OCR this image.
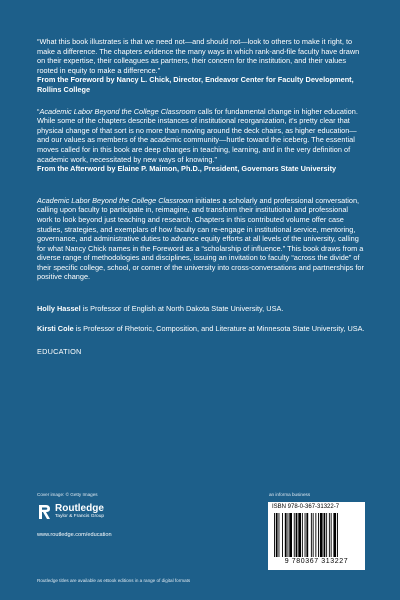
“What this book illustrates is that we need not—and should not—look to others to make it right, to make a difference. The chapters evidence the many ways in which rank-and-file faculty have drawn on their expertise, their colleagues as partners, their concern for the institution, and their values rooted in equity to make a difference.”

From the Foreword by Nancy L. Chick, Director, Endeavor Center for Faculty Development, Rollins College

“Academic Labor Beyond the College Classroom calls for fundamental change in higher education. While some of the chapters describe instances of institutional reorganization, it's pretty clear that physical change of that sort is no more than moving around the deck chairs, as higher education—and our values as members of the academic community—hurtle toward the iceberg. The essential moves called for in this book are deep changes in teaching, learning, and in the very definition of academic work, necessitated by new ways of knowing.”

From the Afterword by Elaine P. Maimon, Ph.D., President, Governors State University

Academic Labor Beyond the College Classroom initiates a scholarly and professional conversation, calling upon faculty to participate in, reimagine, and transform their institutional and professional work to look beyond just teaching and research. Chapters in this contributed volume offer case studies, strategies, and exemplars of how faculty can re-engage in institutional service, mentoring, governance, and administrative duties to advance equity efforts at all levels of the university, calling for what Nancy Chick names in the Foreword as a “scholarship of influence.” This book draws from a diverse range of methodologies and disciplines, issuing an invitation to faculty “across the divide” of their specific college, school, or corner of the university into cross-conversations and partnerships for positive change.

Holly Hassel is Professor of English at North Dakota State University, USA.

Kirsti Cole is Professor of Rhetoric, Composition, and Literature at Minnesota State University, USA.

EDUCATION
Cover image: © Getty Images
Routledge
Taylor & Francis Group
www.routledge.com/education
Routledge titles are available as eBook editions in a range of digital formats
an informa business
ISBN 978-0-367-31322-7
9 780367 313227
